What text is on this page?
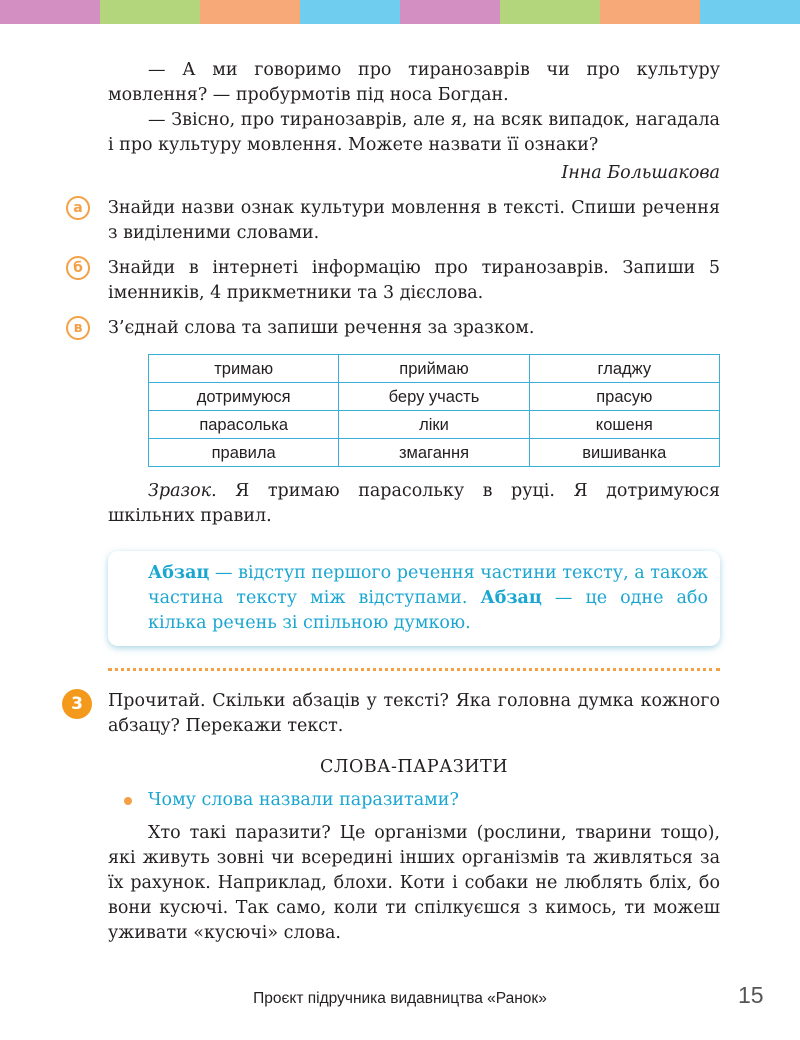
— А ми говоримо про тиранозаврів чи про культуру мовлення? — пробурмотів під носа Богдан.

— Звісно, про тиранозаврів, але я, на всяк випадок, нагадала і про культуру мовлення. Можете назвати її ознаки?

Інна Большакова

а	Знайди назви ознак культури мовлення в тексті. Спиши речення з виділеними словами.

б	Знайди в інтернеті інформацію про тиранозаврів. Запиши 5 іменників, 4 прикметники та 3 дієслова.

в	З’єднай слова та запиши речення за зразком.

тримаю	приймаю	гладжу
дотримуюся	беру участь	прасую
парасолька	ліки	кошеня
правила	змагання	вишиванка

Зразок. Я тримаю парасольку в руці. Я дотримуюся шкільних правил.

Абзац — відступ першого речення частини тексту, а також частина тексту між відступами. Абзац — це одне або кілька речень зі спільною думкою.
3	Прочитай. Скільки абзаців у тексті? Яка головна думка кожного абзацу? Перекажи текст.

СЛОВА-ПАРАЗИТИ

Чому слова назвали паразитами?

Хто такі паразити? Це організми (рослини, тварини тощо), які живуть зовні чи всередині інших організмів та живляться за їх рахунок. Наприклад, блохи. Коти і собаки не люблять бліх, бо вони кусючі. Так само, коли ти спілкуєшся з кимось, ти можеш уживати «кусючі» слова.

Проєкт підручника видавництва «Ранок»	15
